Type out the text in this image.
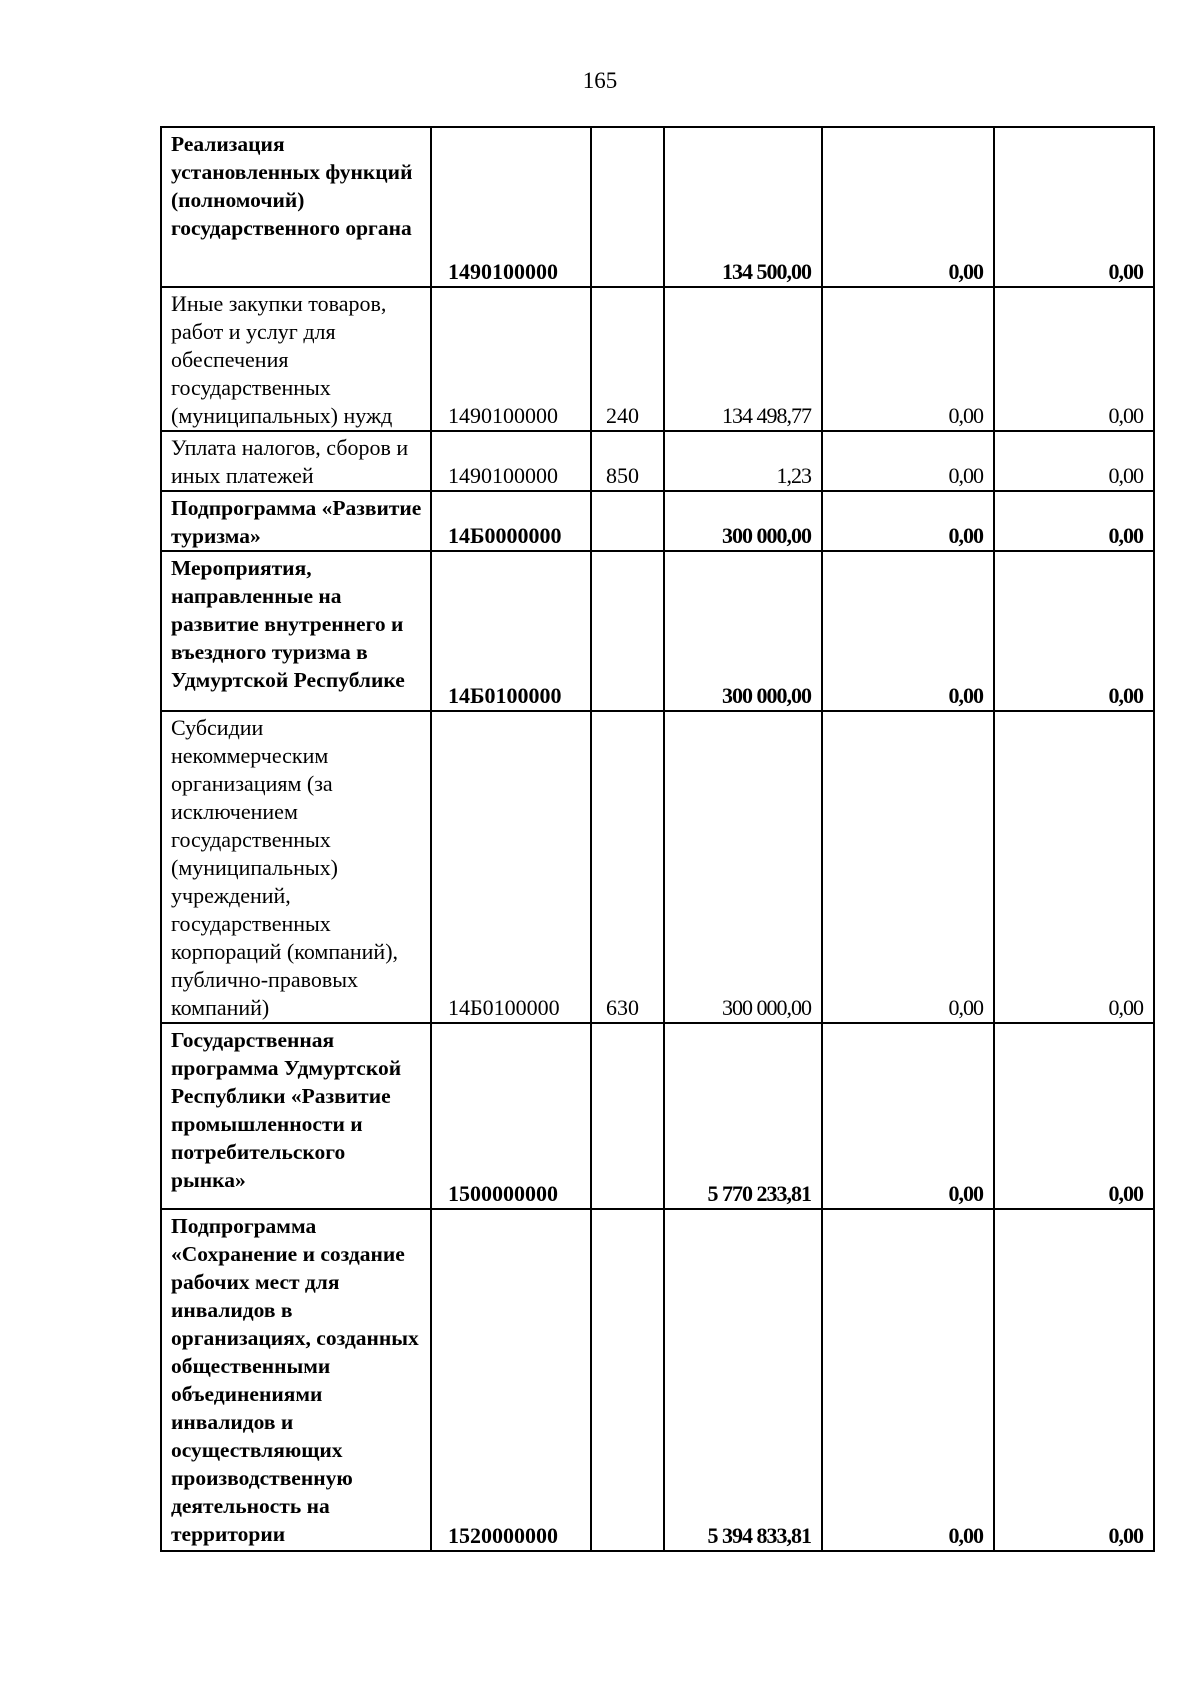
165
Реализация установленных функций (полномочий) государственного органа	1490100000		134 500,00	0,00	0,00
Иные закупки товаров, работ и услуг для обеспечения государственных (муниципальных) нужд	1490100000	240	134 498,77	0,00	0,00
Уплата налогов, сборов и иных платежей	1490100000	850	1,23	0,00	0,00
Подпрограмма «Развитие туризма»	14Б0000000		300 000,00	0,00	0,00
Мероприятия, направленные на развитие внутреннего и въездного туризма в Удмуртской Республике	14Б0100000		300 000,00	0,00	0,00
Субсидии некоммерческим организациям (за исключением государственных (муниципальных) учреждений, государственных корпораций (компаний), публично-правовых компаний)	14Б0100000	630	300 000,00	0,00	0,00
Государственная программа Удмуртской Республики «Развитие промышленности и потребительского рынка»	1500000000		5 770 233,81	0,00	0,00
Подпрограмма «Сохранение и создание рабочих мест для инвалидов в организациях, созданных общественными объединениями инвалидов и осуществляющих производственную деятельность на территории	1520000000		5 394 833,81	0,00	0,00
